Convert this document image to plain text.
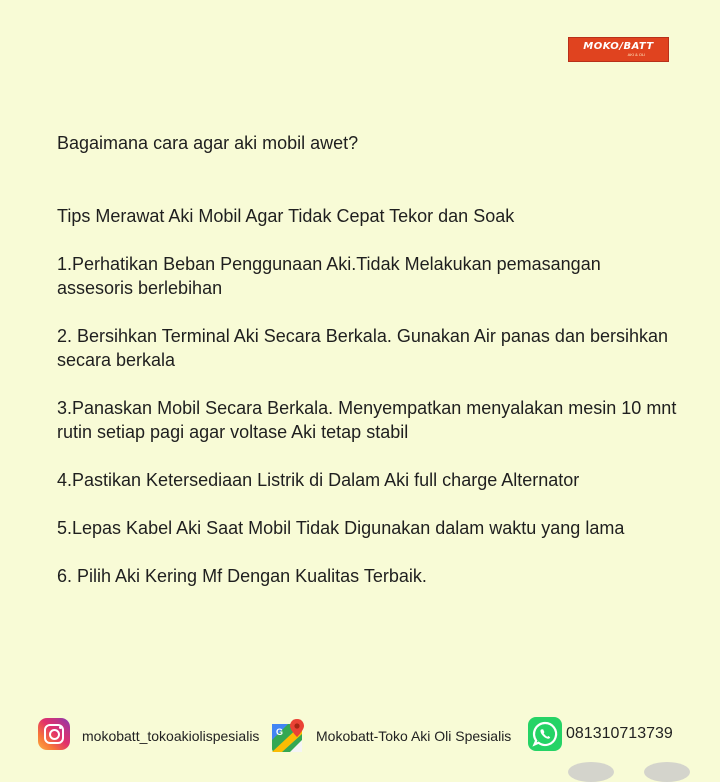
MOKO/BATT
AKI & OLI
Bagaimana cara agar aki mobil awet?

Tips Merawat Aki Mobil Agar Tidak Cepat Tekor dan Soak

1.Perhatikan Beban Penggunaan Aki.Tidak Melakukan pemasangan assesoris berlebihan

2. Bersihkan Terminal Aki Secara Berkala. Gunakan Air panas dan bersihkan secara berkala

3.Panaskan Mobil Secara Berkala. Menyempatkan menyalakan mesin 10 mnt rutin setiap pagi agar voltase Aki tetap stabil

4.Pastikan Ketersediaan Listrik di Dalam Aki full charge Alternator

5.Lepas Kabel Aki Saat Mobil Tidak Digunakan dalam waktu yang lama

6. Pilih Aki Kering Mf Dengan Kualitas Terbaik.

mokobatt_tokoakiolispesialis G Mokobatt-Toko Aki Oli Spesialis	081310713739
